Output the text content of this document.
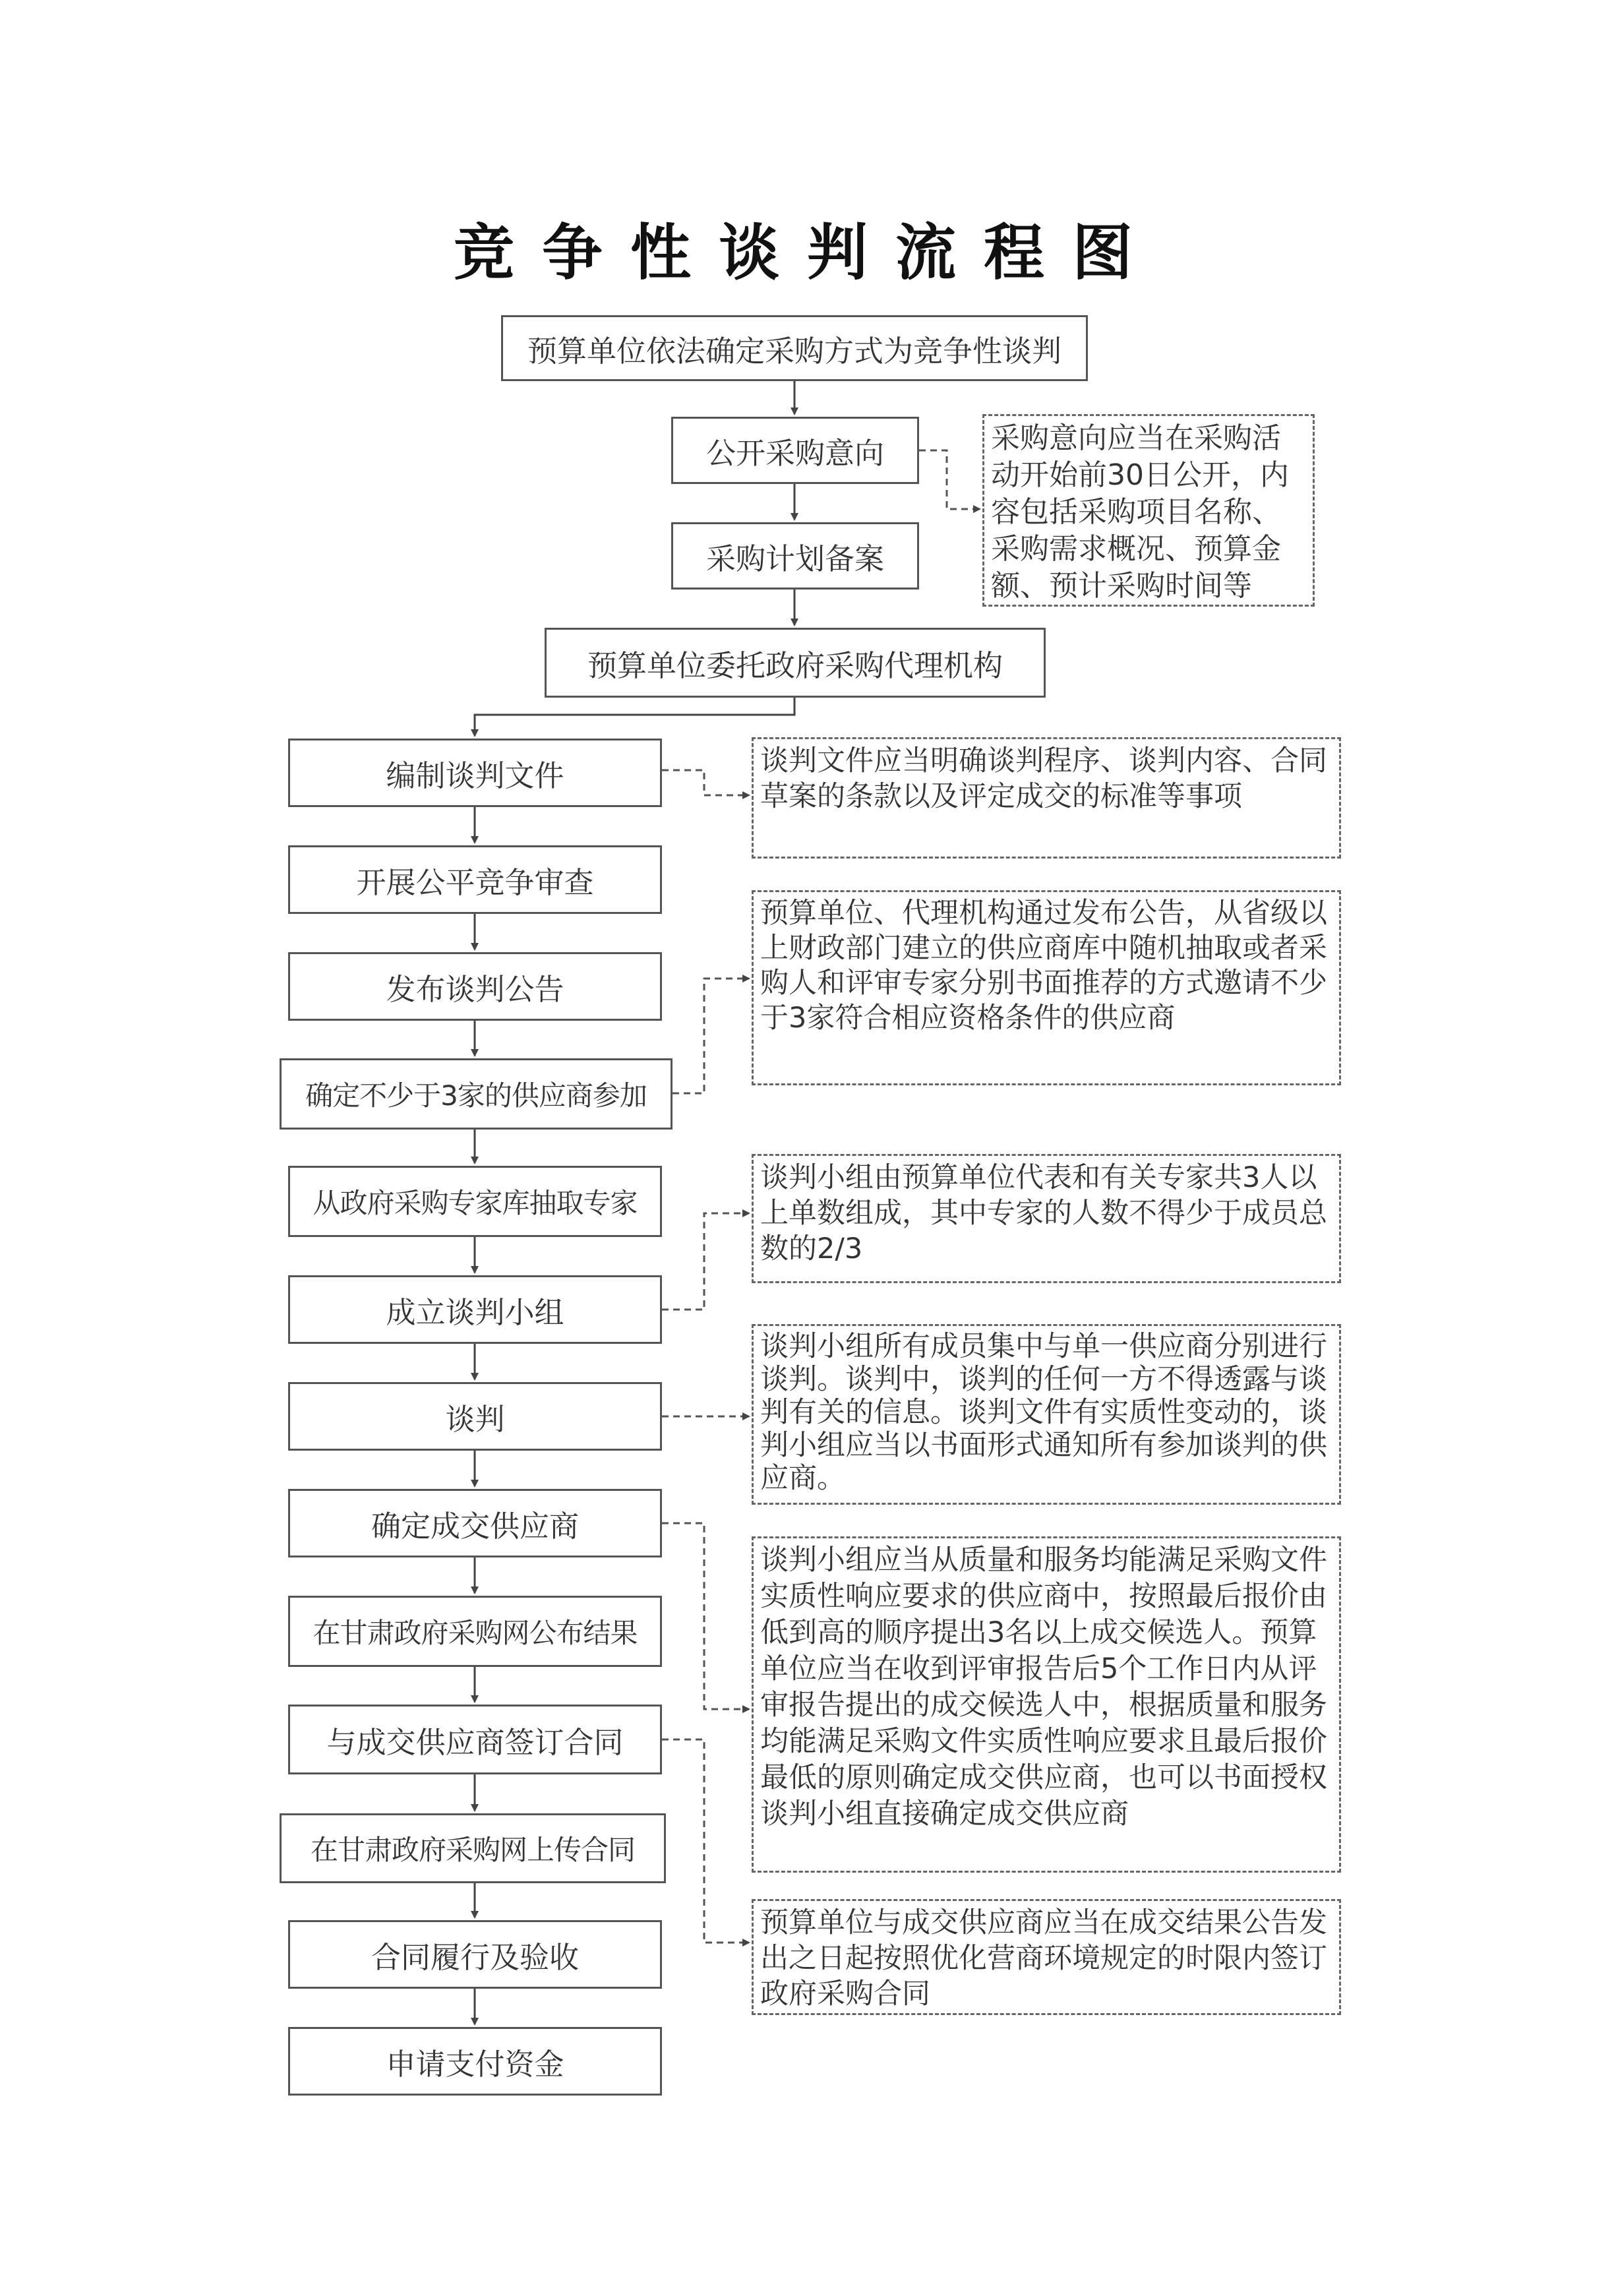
竞争性谈判流程图
预算单位依法确定采购方式为竞争性谈判
公开采购意向
采购计划备案
预算单位委托政府采购代理机构
编制谈判文件
开展公平竞争审查
发布谈判公告
确定不少于3家的供应商参加
从政府采购专家库抽取专家
成立谈判小组
谈判
确定成交供应商
在甘肃政府采购网公布结果
与成交供应商签订合同
在甘肃政府采购网上传合同
合同履行及验收
申请支付资金
采购意向应当在采购活动开始前30日公开，内容包括采购项目名称、采购需求概况、预算金额、预计采购时间等
谈判文件应当明确谈判程序、谈判内容、合同草案的条款以及评定成交的标准等事项
预算单位、代理机构通过发布公告，从省级以上财政部门建立的供应商库中随机抽取或者采购人和评审专家分别书面推荐的方式邀请不少于3家符合相应资格条件的供应商
谈判小组由预算单位代表和有关专家共3人以上单数组成，其中专家的人数不得少于成员总数的2/3
谈判小组所有成员集中与单一供应商分别进行谈判。谈判中，谈判的任何一方不得透露与谈判有关的信息。谈判文件有实质性变动的，谈判小组应当以书面形式通知所有参加谈判的供应商。
谈判小组应当从质量和服务均能满足采购文件实质性响应要求的供应商中，按照最后报价由低到高的顺序提出3名以上成交候选人。预算单位应当在收到评审报告后5个工作日内从评审报告提出的成交候选人中，根据质量和服务均能满足采购文件实质性响应要求且最后报价最低的原则确定成交供应商，也可以书面授权谈判小组直接确定成交供应商
预算单位与成交供应商应当在成交结果公告发出之日起按照优化营商环境规定的时限内签订政府采购合同
